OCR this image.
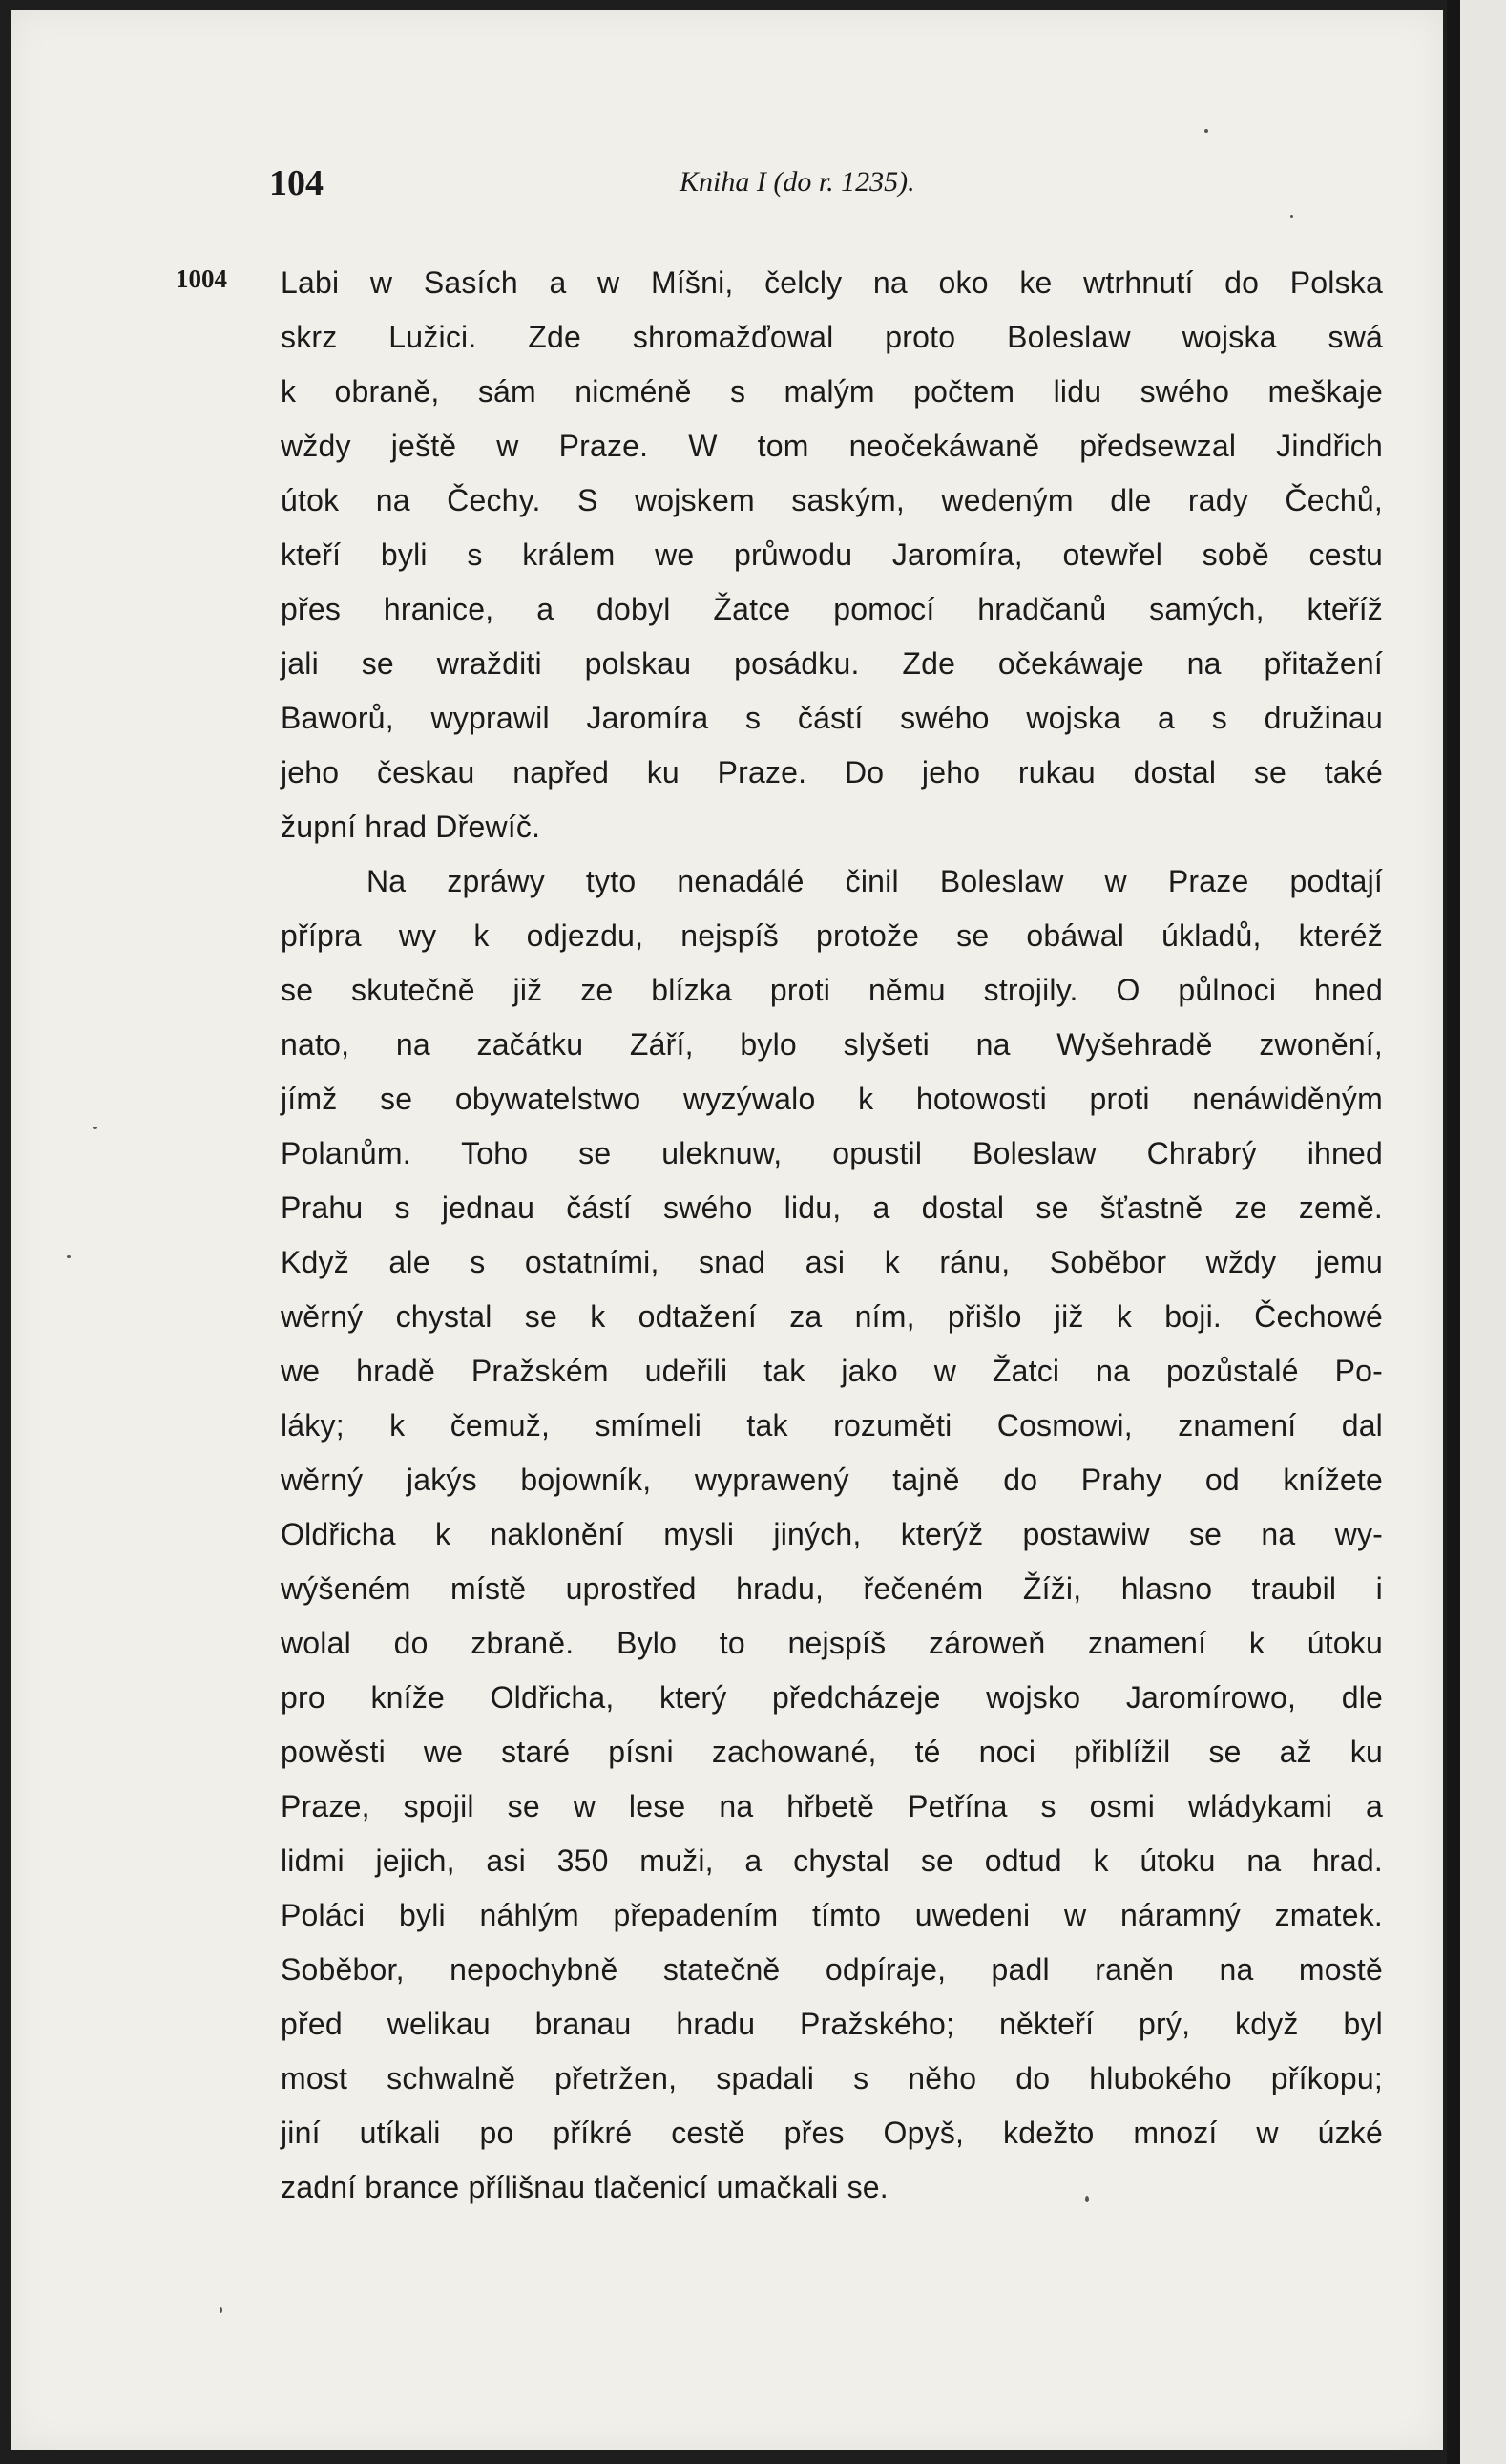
104	Kniha I (do r. 1235).
1004 Labi w Sasích a w Míšni, čelcly na oko ke wtrhnutí do Polska
skrz Lužici. Zde shromažďowal proto Boleslaw wojska swá
k obraně, sám nicméně s malým počtem lidu swého meškaje
wždy ještě w Praze. W tom neočekáwaně předsewzal Jindřich
útok na Čechy. S wojskem saským, wedeným dle rady Čechů,
kteří byli s králem we průwodu Jaromíra, otewřel sobě cestu
přes hranice, a dobyl Žatce pomocí hradčanů samých, kteříž
jali se wražditi polskau posádku. Zde očekáwaje na přitažení
Baworů, wyprawil Jaromíra s částí swého wojska a s družinau
jeho českau napřed ku Praze. Do jeho rukau dostal se také
župní hrad Dřewíč.
Na zpráwy tyto nenadálé činil Boleslaw w Praze podtají
přípra wy k odjezdu, nejspíš protože se obáwal úkladů, kteréž
se skutečně již ze blízka proti němu strojily. O půlnoci hned
nato, na začátku Září, bylo slyšeti na Wyšehradě zwonění,
jímž se obywatelstwo wyzýwalo k hotowosti proti nenáwiděným
Polanům. Toho se uleknuw, opustil Boleslaw Chrabrý ihned
Prahu s jednau částí swého lidu, a dostal se šťastně ze země.
Když ale s ostatními, snad asi k ránu, Soběbor wždy jemu
wěrný chystal se k odtažení za ním, přišlo již k boji. Čechowé
we hradě Pražském udeřili tak jako w Žatci na pozůstalé Po-
láky; k čemuž, smímeli tak rozuměti Cosmowi, znamení dal
wěrný jakýs bojowník, wyprawený tajně do Prahy od knížete
Oldřicha k naklonění mysli jiných, kterýž postawiw se na wy-
wýšeném místě uprostřed hradu, řečeném Žíži, hlasno traubil i
wolal do zbraně. Bylo to nejspíš zároweň znamení k útoku
pro kníže Oldřicha, který předcházeje wojsko Jaromírowo, dle
powěsti we staré písni zachowané, té noci přiblížil se až ku
Praze, spojil se w lese na hřbetě Petřína s osmi wládykami a
lidmi jejich, asi 350 muži, a chystal se odtud k útoku na hrad.
Poláci byli náhlým přepadením tímto uwedeni w náramný zmatek.
Soběbor, nepochybně statečně odpíraje, padl raněn na mostě
před welikau branau hradu Pražského; někteří prý, když byl
most schwalně přetržen, spadali s něho do hlubokého příkopu;
jiní utíkali po příkré cestě přes Opyš, kdežto mnozí w úzké
zadní brance přílišnau tlačenicí umačkali se.
